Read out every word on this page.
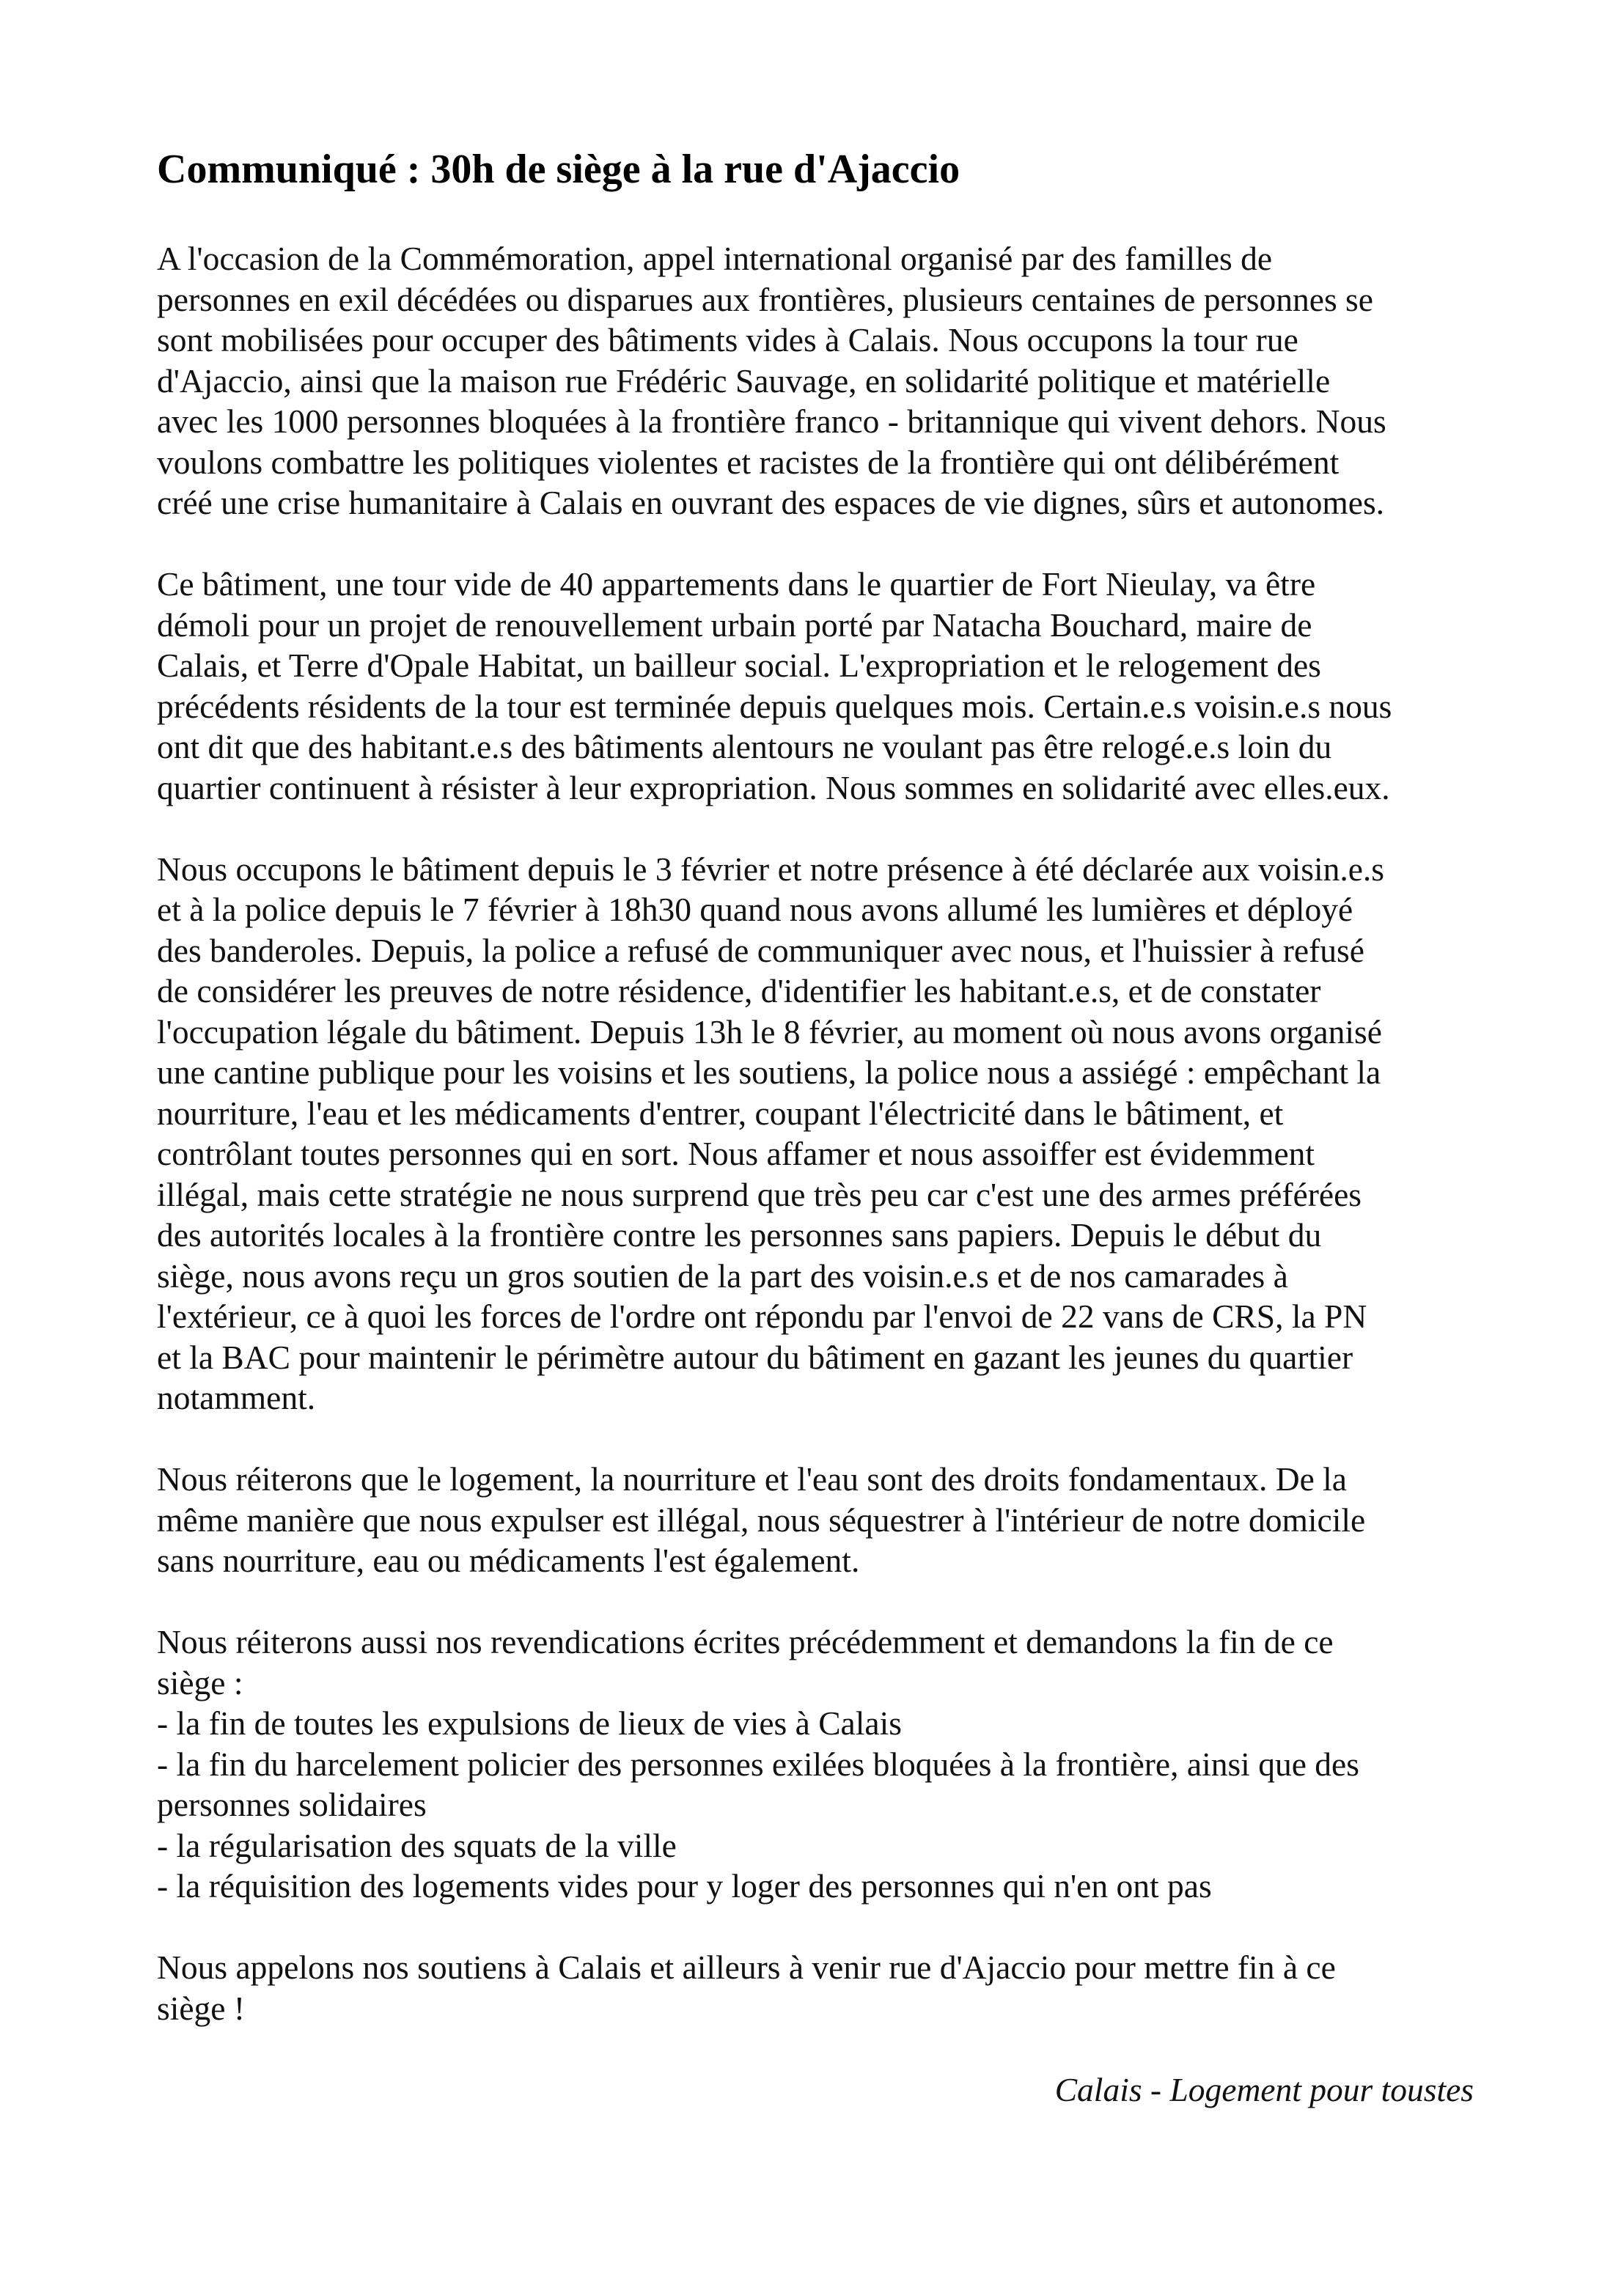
Communiqué : 30h de siège à la rue d'Ajaccio

A l'occasion de la Commémoration, appel international organisé par des familles de
personnes en exil décédées ou disparues aux frontières, plusieurs centaines de personnes se
sont mobilisées pour occuper des bâtiments vides à Calais. Nous occupons la tour rue
d'Ajaccio, ainsi que la maison rue Frédéric Sauvage, en solidarité politique et matérielle
avec les 1000 personnes bloquées à la frontière franco - britannique qui vivent dehors. Nous
voulons combattre les politiques violentes et racistes de la frontière qui ont délibérément
créé une crise humanitaire à Calais en ouvrant des espaces de vie dignes, sûrs et autonomes.

Ce bâtiment, une tour vide de 40 appartements dans le quartier de Fort Nieulay, va être
démoli pour un projet de renouvellement urbain porté par Natacha Bouchard, maire de
Calais, et Terre d'Opale Habitat, un bailleur social. L'expropriation et le relogement des
précédents résidents de la tour est terminée depuis quelques mois. Certain.e.s voisin.e.s nous
ont dit que des habitant.e.s des bâtiments alentours ne voulant pas être relogé.e.s loin du
quartier continuent à résister à leur expropriation. Nous sommes en solidarité avec elles.eux.

Nous occupons le bâtiment depuis le 3 février et notre présence à été déclarée aux voisin.e.s
et à la police depuis le 7 février à 18h30 quand nous avons allumé les lumières et déployé
des banderoles. Depuis, la police a refusé de communiquer avec nous, et l'huissier à refusé
de considérer les preuves de notre résidence, d'identifier les habitant.e.s, et de constater
l'occupation légale du bâtiment. Depuis 13h le 8 février, au moment où nous avons organisé
une cantine publique pour les voisins et les soutiens, la police nous a assiégé : empêchant la
nourriture, l'eau et les médicaments d'entrer, coupant l'électricité dans le bâtiment, et
contrôlant toutes personnes qui en sort. Nous affamer et nous assoiffer est évidemment
illégal, mais cette stratégie ne nous surprend que très peu car c'est une des armes préférées
des autorités locales à la frontière contre les personnes sans papiers. Depuis le début du
siège, nous avons reçu un gros soutien de la part des voisin.e.s et de nos camarades à
l'extérieur, ce à quoi les forces de l'ordre ont répondu par l'envoi de 22 vans de CRS, la PN
et la BAC pour maintenir le périmètre autour du bâtiment en gazant les jeunes du quartier
notamment.

Nous réiterons que le logement, la nourriture et l'eau sont des droits fondamentaux. De la
même manière que nous expulser est illégal, nous séquestrer à l'intérieur de notre domicile
sans nourriture, eau ou médicaments l'est également.

Nous réiterons aussi nos revendications écrites précédemment et demandons la fin de ce
siège :
- la fin de toutes les expulsions de lieux de vies à Calais
- la fin du harcelement policier des personnes exilées bloquées à la frontière, ainsi que des
personnes solidaires
- la régularisation des squats de la ville
- la réquisition des logements vides pour y loger des personnes qui n'en ont pas

Nous appelons nos soutiens à Calais et ailleurs à venir rue d'Ajaccio pour mettre fin à ce
siège !

Calais - Logement pour toustes
